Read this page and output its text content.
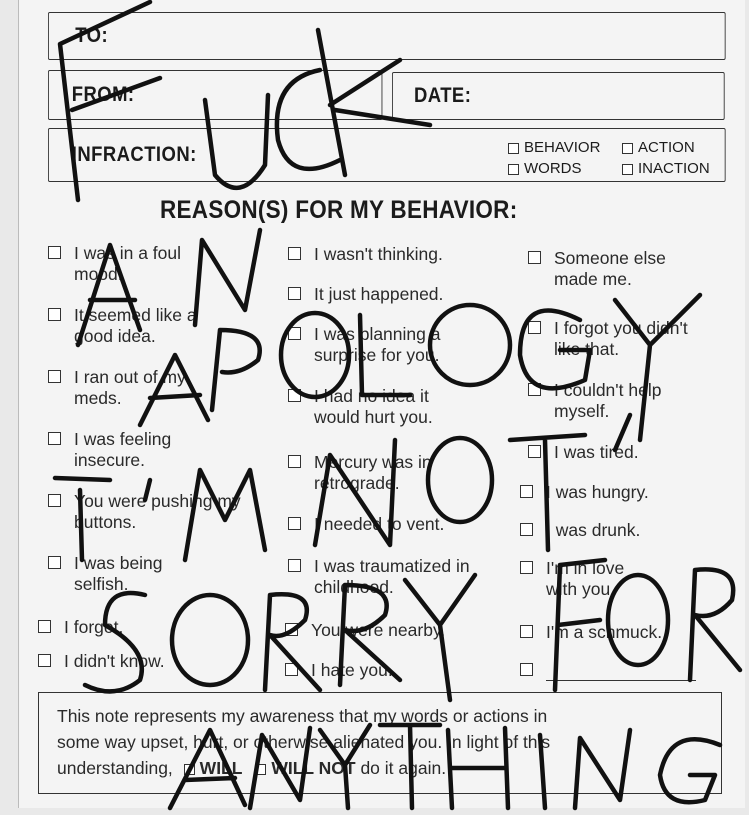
TO:
FROM:	DATE:
INFRACTION:	BEHAVIOR	ACTION
WORDS	INACTION
REASON(S) FOR MY BEHAVIOR:
I was in a foul mood.
It seemed like a good idea.
I ran out of my meds.
I was feeling insecure.
You were pushing my buttons.
I was being selfish.
I forgot.
I didn't know.
I wasn't thinking.
It just happened.
I was planning a surprise for you.
I had no idea it would hurt you.
Mercury was in retrograde.
I needed to vent.
I was traumatized in childhood.
You were nearby.
I hate you.
Someone else made me.
I forgot you didn't like that.
I couldn't help myself.
I was tired.
I was hungry.
I was drunk.
I'm in love with you.
I'm a schmuck.
This note represents my awareness that my words or actions in
some way upset, hurt, or otherwise alienated you. In light of this
understanding, WILL WILL NOT do it again.
